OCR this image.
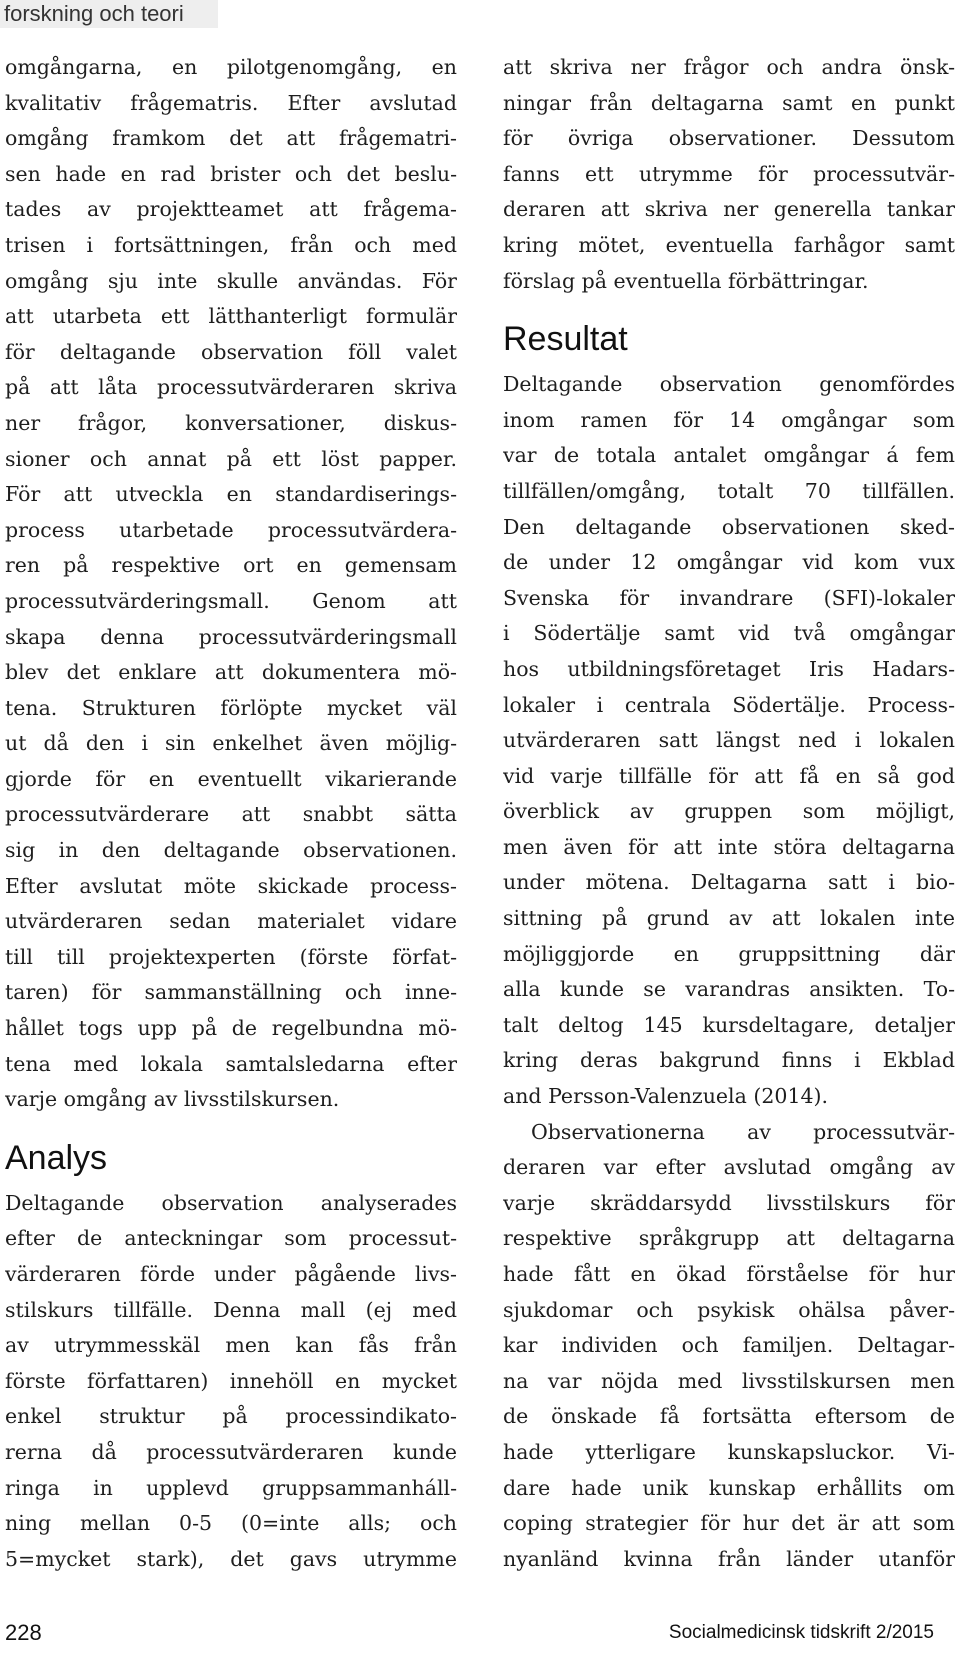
forskning och teori
omgångarna, en pilotgenomgång, en
kvalitativ frågematris. Efter avslutad
omgång framkom det att frågematri-
sen hade en rad brister och det beslu-
tades av projektteamet att frågema-
trisen i fortsättningen, från och med
omgång sju inte skulle användas. För
att utarbeta ett lätthanterligt formulär
för deltagande observation föll valet
på att låta processutvärderaren skriva
ner frågor, konversationer, diskus-
sioner och annat på ett löst papper.
För att utveckla en standardiserings-
process utarbetade processutvärdera-
ren på respektive ort en gemensam
processutvärderingsmall. Genom att
skapa denna processutvärderingsmall
blev det enklare att dokumentera mö-
tena. Strukturen förlöpte mycket väl
ut då den i sin enkelhet även möjlig-
gjorde för en eventuellt vikarierande
processutvärderare att snabbt sätta
sig in den deltagande observationen.
Efter avslutat möte skickade process-
utvärderaren sedan materialet vidare
till till projektexperten (förste förfat-
taren) för sammanställning och inne-
hållet togs upp på de regelbundna mö-
tena med lokala samtalsledarna efter
varje omgång av livsstilskursen.
Analys
Deltagande observation analyserades
efter de anteckningar som processut-
värderaren förde under pågående livs-
stilskurs tillfälle. Denna mall (ej med
av utrymmesskäl men kan fås från
förste författaren) innehöll en mycket
enkel struktur på processindikato-
rerna då processutvärderaren kunde
ringa in upplevd gruppsammanháll-
ning mellan 0-5 (0=inte alls; och
5=mycket stark), det gavs utrymme
att skriva ner frågor och andra önsk-
ningar från deltagarna samt en punkt
för övriga observationer. Dessutom
fanns ett utrymme för processutvär-
deraren att skriva ner generella tankar
kring mötet, eventuella farhågor samt
förslag på eventuella förbättringar.
Resultat
Deltagande observation genomfördes
inom ramen för 14 omgångar som
var de totala antalet omgångar á fem
tillfällen/omgång, totalt 70 tillfällen.
Den deltagande observationen sked-
de under 12 omgångar vid kom vux
Svenska för invandrare (SFI)-lokaler
i Södertälje samt vid två omgångar
hos utbildningsföretaget Iris Hadars-
lokaler i centrala Södertälje. Process-
utvärderaren satt längst ned i lokalen
vid varje tillfälle för att få en så god
överblick av gruppen som möjligt,
men även för att inte störa deltagarna
under mötena. Deltagarna satt i bio-
sittning på grund av att lokalen inte
möjliggjorde en gruppsittning där
alla kunde se varandras ansikten. To-
talt deltog 145 kursdeltagare, detaljer
kring deras bakgrund finns i Ekblad
and Persson-Valenzuela (2014).
Observationerna av processutvär-
deraren var efter avslutad omgång av
varje skräddarsydd livsstilskurs för
respektive språkgrupp att deltagarna
hade fått en ökad förståelse för hur
sjukdomar och psykisk ohälsa påver-
kar individen och familjen. Deltagar-
na var nöjda med livsstilskursen men
de önskade få fortsätta eftersom de
hade ytterligare kunskapsluckor. Vi-
dare hade unik kunskap erhållits om
coping strategier för hur det är att som
nyanländ kvinna från länder utanför
228	Socialmedicinsk tidskrift 2/2015
